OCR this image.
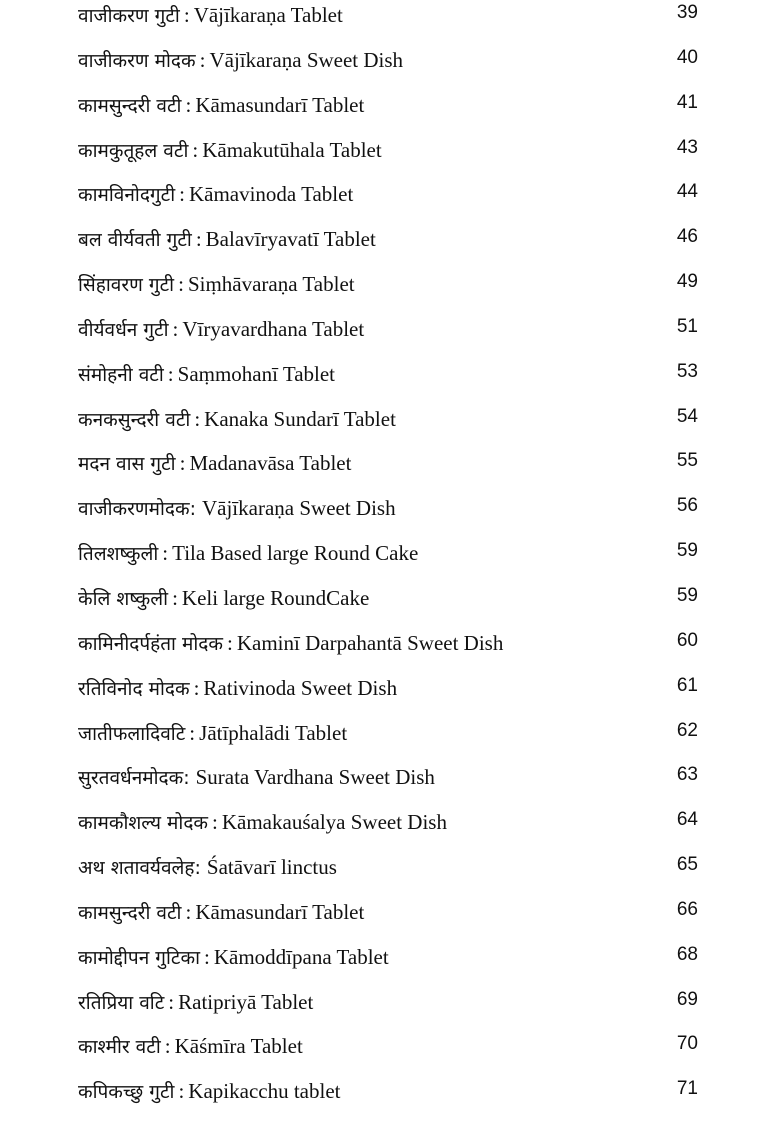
वाजीकरण गुटी : Vājīkaraṇa Tablet	39
वाजीकरण मोदक : Vājīkaraṇa Sweet Dish	40
कामसुन्दरी वटी : Kāmasundarī Tablet	41
कामकुतूहल वटी : Kāmakutūhala Tablet	43
कामविनोदगुटी : Kāmavinoda Tablet	44
बल वीर्यवती गुटी : Balavīryavatī Tablet	46
सिंहावरण गुटी : Siṃhāvaraṇa Tablet	49
वीर्यवर्धन गुटी : Vīryavardhana Tablet	51
संमोहनी वटी : Saṃmohanī Tablet	53
कनकसुन्दरी वटी : Kanaka Sundarī Tablet	54
मदन वास गुटी : Madanavāsa Tablet	55
वाजीकरणमोदक: Vājīkaraṇa Sweet Dish	56
तिलशष्कुली : Tila Based large Round Cake	59
केलि शष्कुली : Keli large RoundCake	59
कामिनीदर्पहंता मोदक : Kaminī Darpahantā Sweet Dish	60
रतिविनोद मोदक : Rativinoda Sweet Dish	61
जातीफलादिवटि : Jātīphalādi Tablet	62
सुरतवर्धनमोदक: Surata Vardhana Sweet Dish	63
कामकौशल्य मोदक : Kāmakauśalya Sweet Dish	64
अथ शतावर्यवलेह: Śatāvarī linctus	65
कामसुन्दरी वटी : Kāmasundarī Tablet	66
कामोद्दीपन गुटिका : Kāmoddīpana Tablet	68
रतिप्रिया वटि : Ratipriyā Tablet	69
काश्मीर वटी : Kāśmīra Tablet	70
कपिकच्छु गुटी : Kapikacchu tablet	71
